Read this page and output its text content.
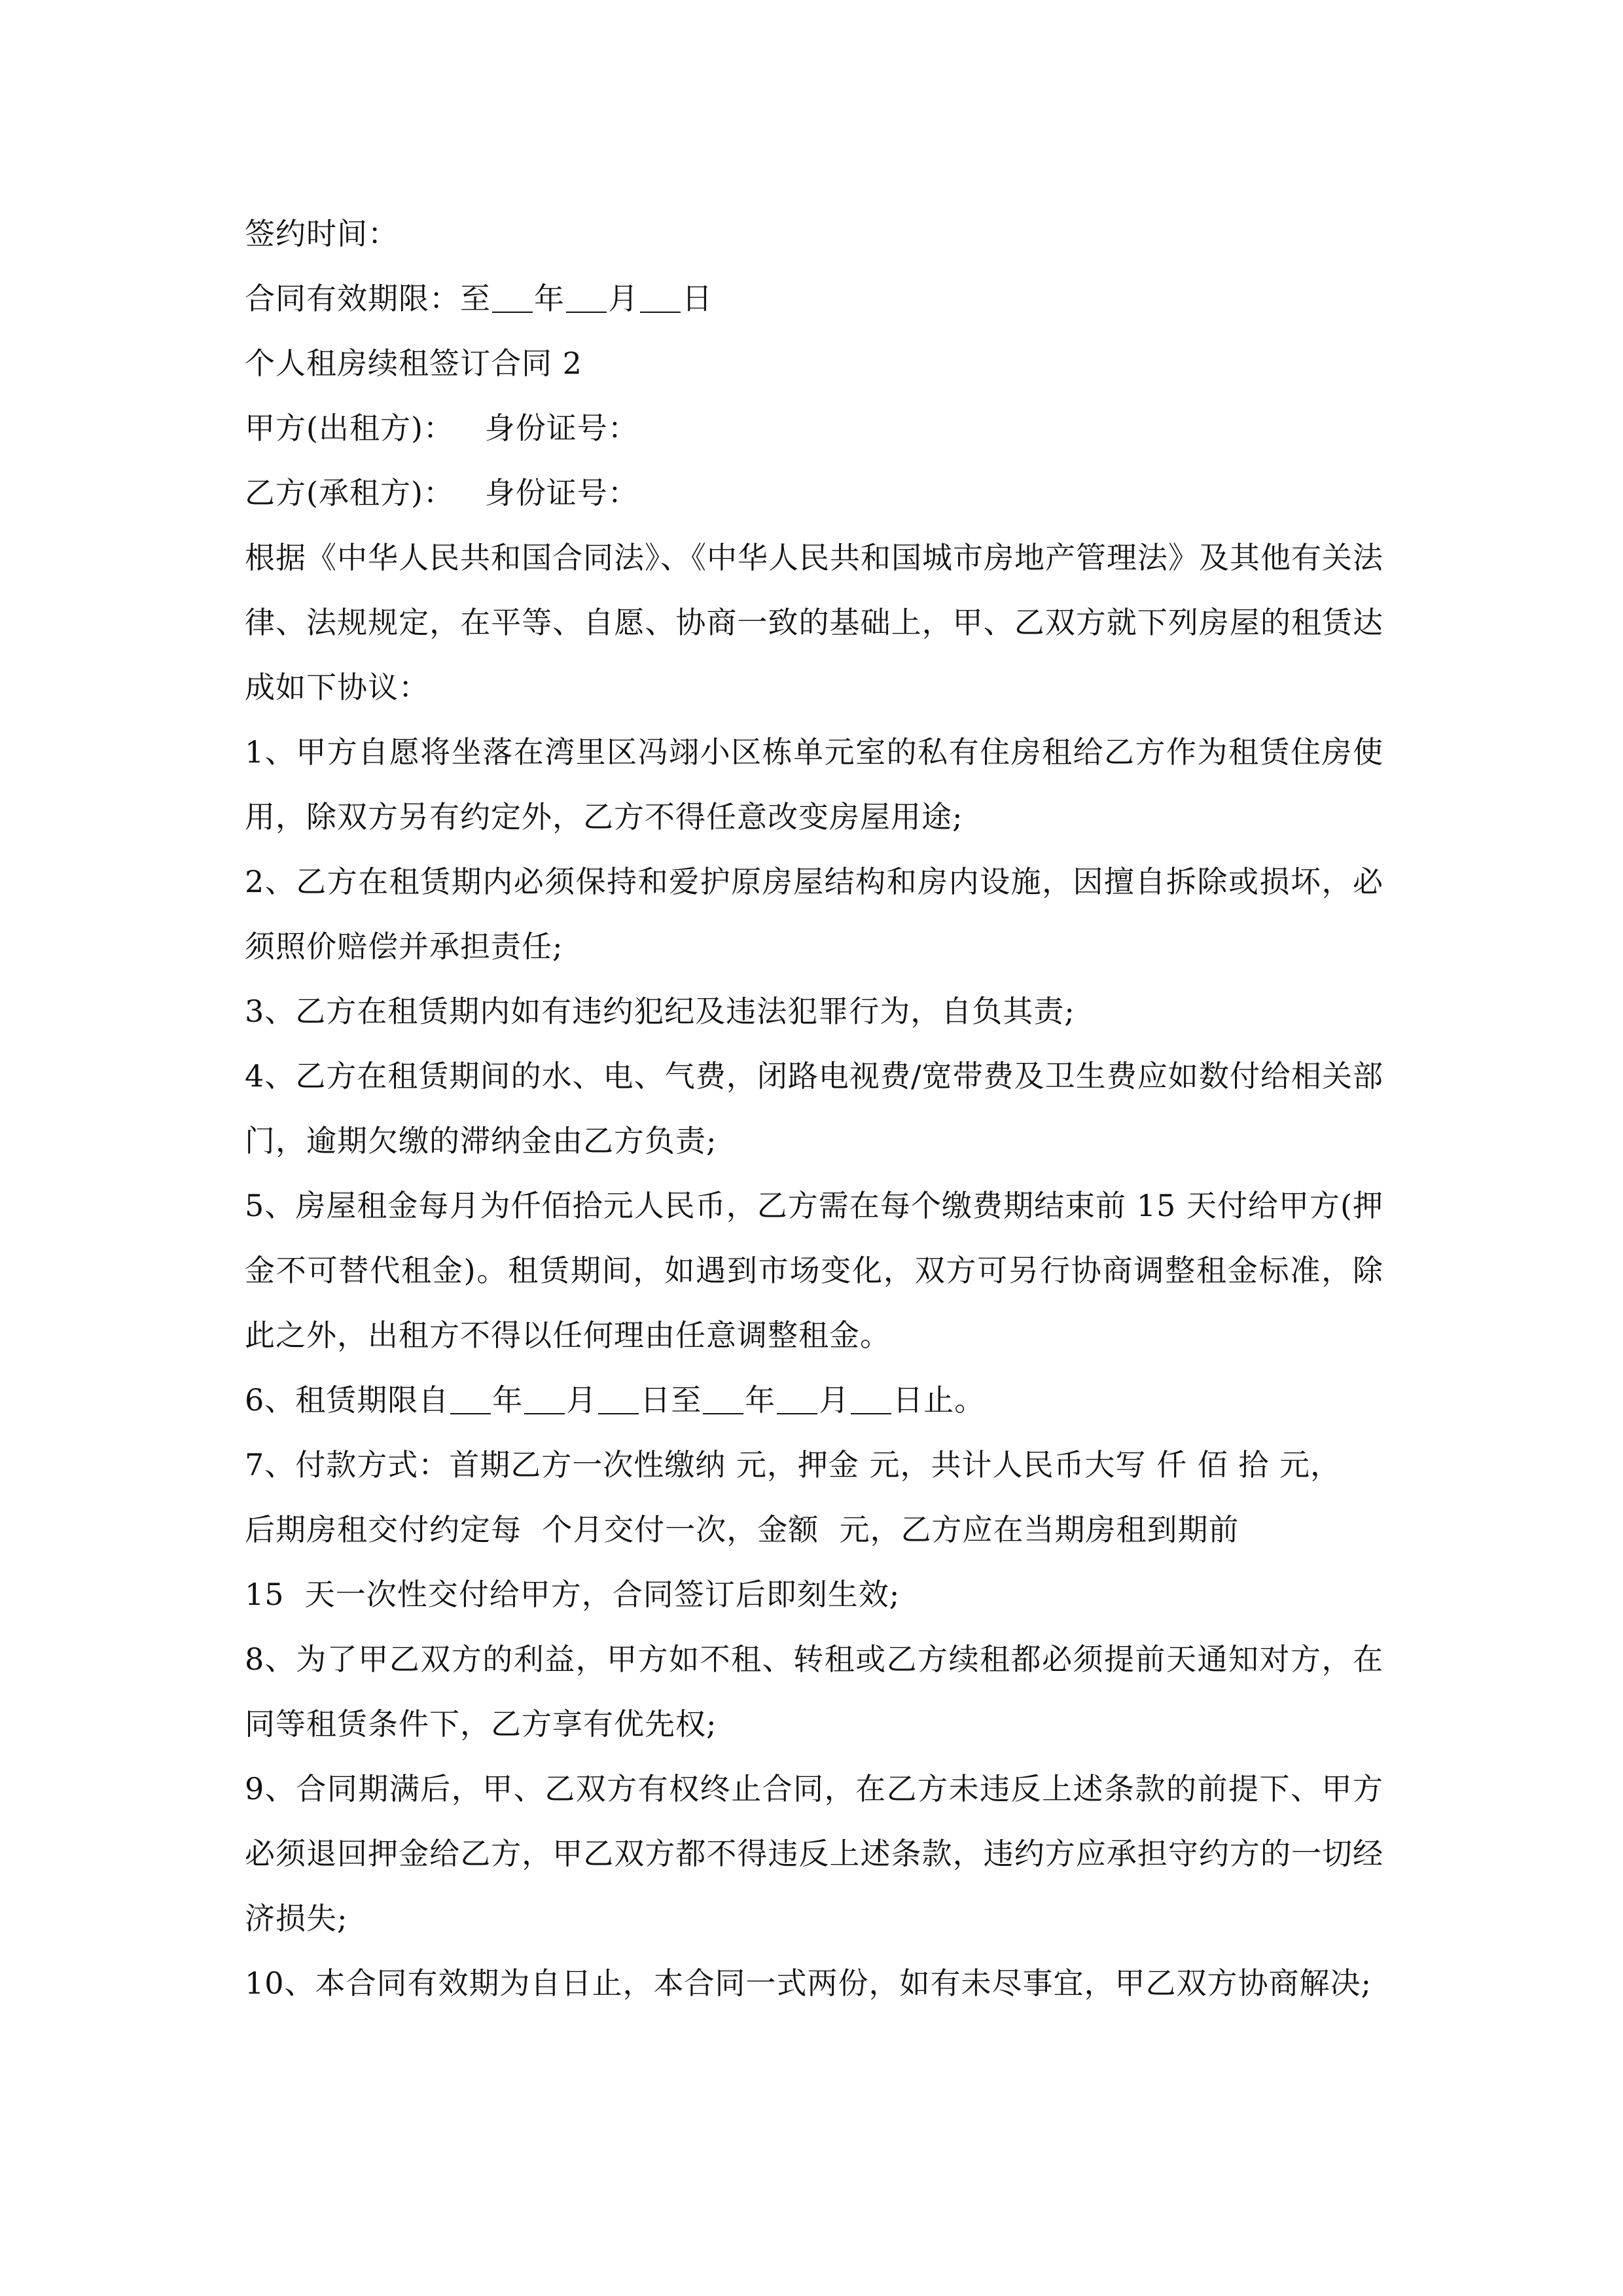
签约时间：
合同有效期限：至 年 月 日
个人租房续租签订合同 2
甲方(出租方)：   身份证号：
乙方(承租方)：   身份证号：
根据《中华人民共和国合同法》、《中华人民共和国城市房地产管理法》及其他有关法律、法规规定，在平等、自愿、协商一致的基础上，甲、乙双方就下列房屋的租赁达成如下协议：
1、甲方自愿将坐落在湾里区冯翊小区栋单元室的私有住房租给乙方作为租赁住房使用，除双方另有约定外，乙方不得任意改变房屋用途;
2、乙方在租赁期内必须保持和爱护原房屋结构和房内设施，因擅自拆除或损坏，必须照价赔偿并承担责任;
3、乙方在租赁期内如有违约犯纪及违法犯罪行为，自负其责;
4、乙方在租赁期间的水、电、气费，闭路电视费/宽带费及卫生费应如数付给相关部门，逾期欠缴的滞纳金由乙方负责;
5、房屋租金每月为仟佰拾元人民币，乙方需在每个缴费期结束前 15 天付给甲方(押金不可替代租金)。租赁期间，如遇到市场变化，双方可另行协商调整租金标准，除此之外，出租方不得以任何理由任意调整租金。
6、租赁期限自 年 月 日至 年 月 日止。
7、付款方式：首期乙方一次性缴纳 元，押金 元，共计人民币大写 仟 佰 拾 元，
后期房租交付约定每  个月交付一次，金额  元，乙方应在当期房租到期前
15  天一次性交付给甲方，合同签订后即刻生效;
8、为了甲乙双方的利益，甲方如不租、转租或乙方续租都必须提前天通知对方，在同等租赁条件下，乙方享有优先权;
9、合同期满后，甲、乙双方有权终止合同，在乙方未违反上述条款的前提下、甲方必须退回押金给乙方，甲乙双方都不得违反上述条款，违约方应承担守约方的一切经济损失;
10、本合同有效期为自日止，本合同一式两份，如有未尽事宜，甲乙双方协商解决;
